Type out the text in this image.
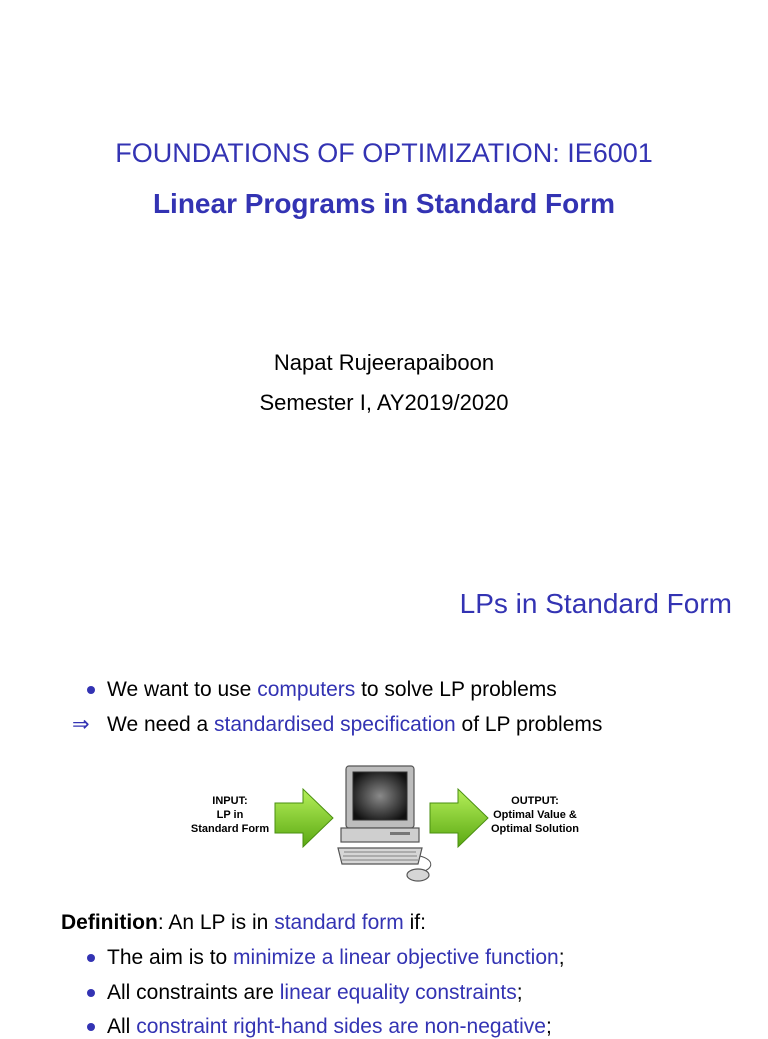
FOUNDATIONS OF OPTIMIZATION: IE6001
Linear Programs in Standard Form
Napat Rujeerapaiboon
Semester I, AY2019/2020
LPs in Standard Form
We want to use computers to solve LP problems
⇒ We need a standardised specification of LP problems
INPUT:
LP in
Standard Form
OUTPUT:
Optimal Value &
Optimal Solution
Definition: An LP is in standard form if:
The aim is to minimize a linear objective function;
All constraints are linear equality constraints;
All constraint right-hand sides are non-negative;
